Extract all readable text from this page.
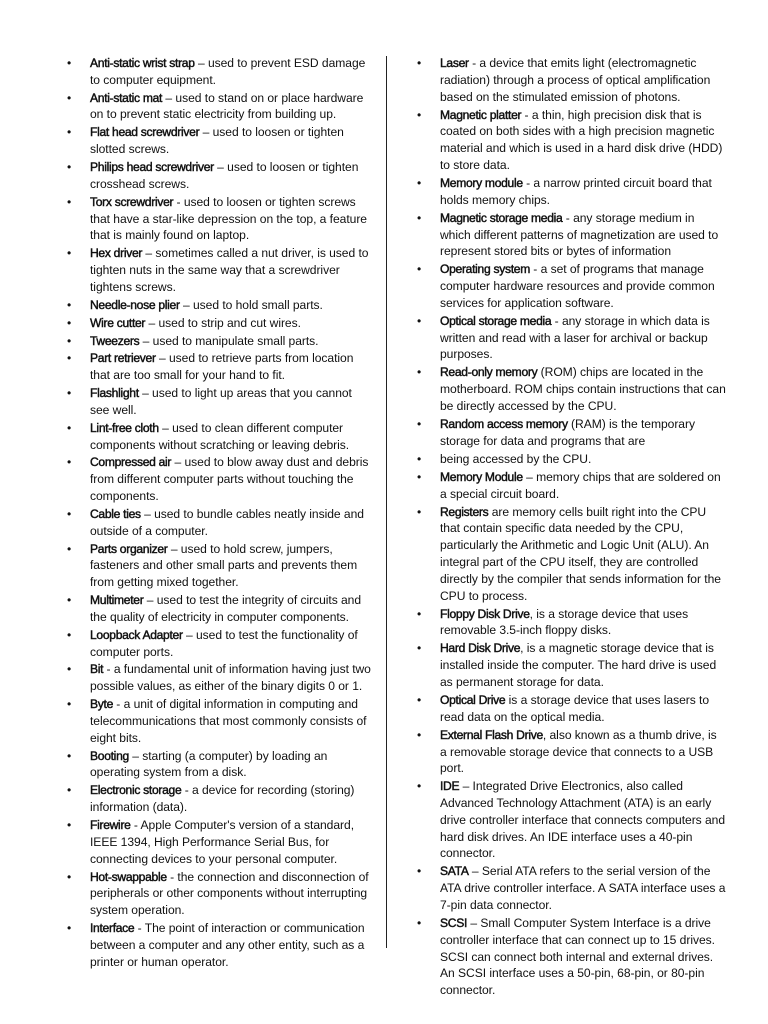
• Anti-static wrist strap – used to prevent ESD damage to computer equipment.
• Anti-static mat – used to stand on or place hardware on to prevent static electricity from building up.
• Flat head screwdriver – used to loosen or tighten slotted screws.
• Philips head screwdriver – used to loosen or tighten crosshead screws.
• Torx screwdriver - used to loosen or tighten screws that have a star-like depression on the top, a feature that is mainly found on laptop.
• Hex driver – sometimes called a nut driver, is used to tighten nuts in the same way that a screwdriver tightens screws.
• Needle-nose plier – used to hold small parts.
• Wire cutter – used to strip and cut wires.
• Tweezers – used to manipulate small parts.
• Part retriever – used to retrieve parts from location that are too small for your hand to fit.
• Flashlight – used to light up areas that you cannot see well.
• Lint-free cloth – used to clean different computer components without scratching or leaving debris.
• Compressed air – used to blow away dust and debris from different computer parts without touching the components.
• Cable ties – used to bundle cables neatly inside and outside of a computer.
• Parts organizer – used to hold screw, jumpers, fasteners and other small parts and prevents them from getting mixed together.
• Multimeter – used to test the integrity of circuits and the quality of electricity in computer components.
• Loopback Adapter – used to test the functionality of computer ports.
• Bit - a fundamental unit of information having just two possible values, as either of the binary digits 0 or 1.
• Byte - a unit of digital information in computing and telecommunications that most commonly consists of eight bits.
• Booting – starting (a computer) by loading an operating system from a disk.
• Electronic storage - a device for recording (storing) information (data).
• Firewire - Apple Computer's version of a standard, IEEE 1394, High Performance Serial Bus, for connecting devices to your personal computer.
• Hot-swappable - the connection and disconnection of peripherals or other components without interrupting system operation.
• Interface - The point of interaction or communication between a computer and any other entity, such as a printer or human operator.
• Laser - a device that emits light (electromagnetic radiation) through a process of optical amplification based on the stimulated emission of photons.
• Magnetic platter - a thin, high precision disk that is coated on both sides with a high precision magnetic material and which is used in a hard disk drive (HDD) to store data.
• Memory module - a narrow printed circuit board that holds memory chips.
• Magnetic storage media - any storage medium in which different patterns of magnetization are used to represent stored bits or bytes of information
• Operating system - a set of programs that manage computer hardware resources and provide common services for application software.
• Optical storage media - any storage in which data is written and read with a laser for archival or backup purposes.
• Read-only memory (ROM) chips are located in the motherboard. ROM chips contain instructions that can be directly accessed by the CPU.
• Random access memory (RAM) is the temporary storage for data and programs that are
• being accessed by the CPU.
• Memory Module – memory chips that are soldered on a special circuit board.
• Registers are memory cells built right into the CPU that contain specific data needed by the CPU, particularly the Arithmetic and Logic Unit (ALU). An integral part of the CPU itself, they are controlled directly by the compiler that sends information for the CPU to process.
• Floppy Disk Drive, is a storage device that uses removable 3.5-inch floppy disks.
• Hard Disk Drive, is a magnetic storage device that is installed inside the computer. The hard drive is used as permanent storage for data.
• Optical Drive is a storage device that uses lasers to read data on the optical media.
• External Flash Drive, also known as a thumb drive, is a removable storage device that connects to a USB port.
• IDE – Integrated Drive Electronics, also called Advanced Technology Attachment (ATA) is an early drive controller interface that connects computers and hard disk drives. An IDE interface uses a 40-pin connector.
• SATA – Serial ATA refers to the serial version of the ATA drive controller interface. A SATA interface uses a 7-pin data connector.
• SCSI – Small Computer System Interface is a drive controller interface that can connect up to 15 drives. SCSI can connect both internal and external drives. An SCSI interface uses a 50-pin, 68-pin, or 80-pin connector.
